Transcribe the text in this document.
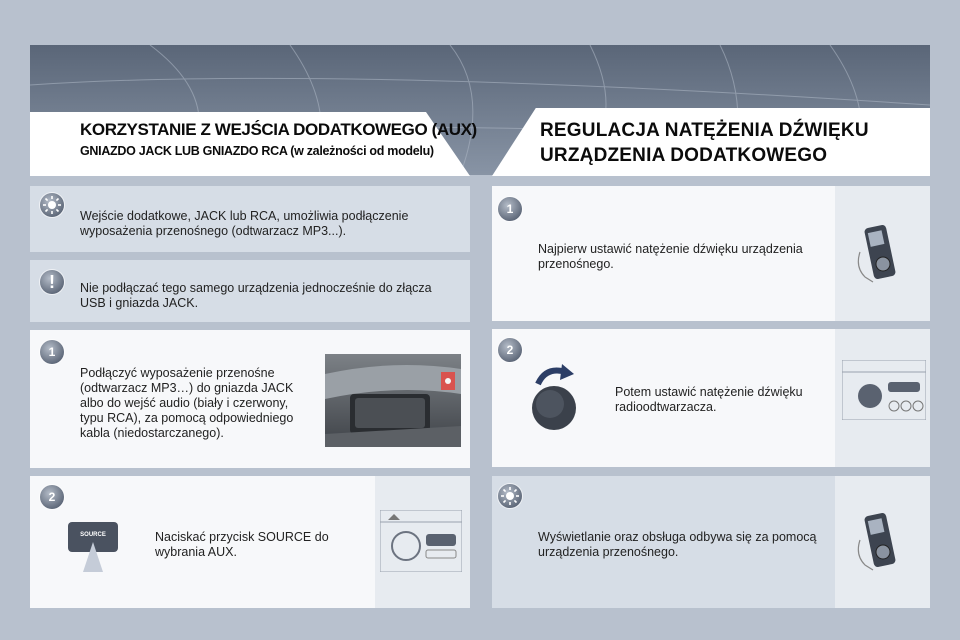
KORZYSTANIE Z WEJŚCIA DODATKOWEGO (AUX)
GNIAZDO JACK LUB GNIAZDO RCA (w zależności od modelu)
REGULACJA NATĘŻENIA DŹWIĘKU
URZĄDZENIA DODATKOWEGO
Wejście dodatkowe, JACK lub RCA, umożliwia podłączenie wyposażenia przenośnego (odtwarzacz MP3...).
!	Nie podłączać tego samego urządzenia jednocześnie do złącza USB i gniazda JACK.
1
Podłączyć wyposażenie przenośne (odtwarzacz MP3…) do gniazda JACK albo do wejść audio (biały i czerwony, typu RCA), za pomocą odpowiedniego kabla (niedostarczanego).
2
SOURCE	Naciskać przycisk SOURCE do wybrania AUX.
1
Najpierw ustawić natężenie dźwięku urządzenia przenośnego.
2
Potem ustawić natężenie dźwięku radioodtwarzacza.
Wyświetlanie oraz obsługa odbywa się za pomocą urządzenia przenośnego.
